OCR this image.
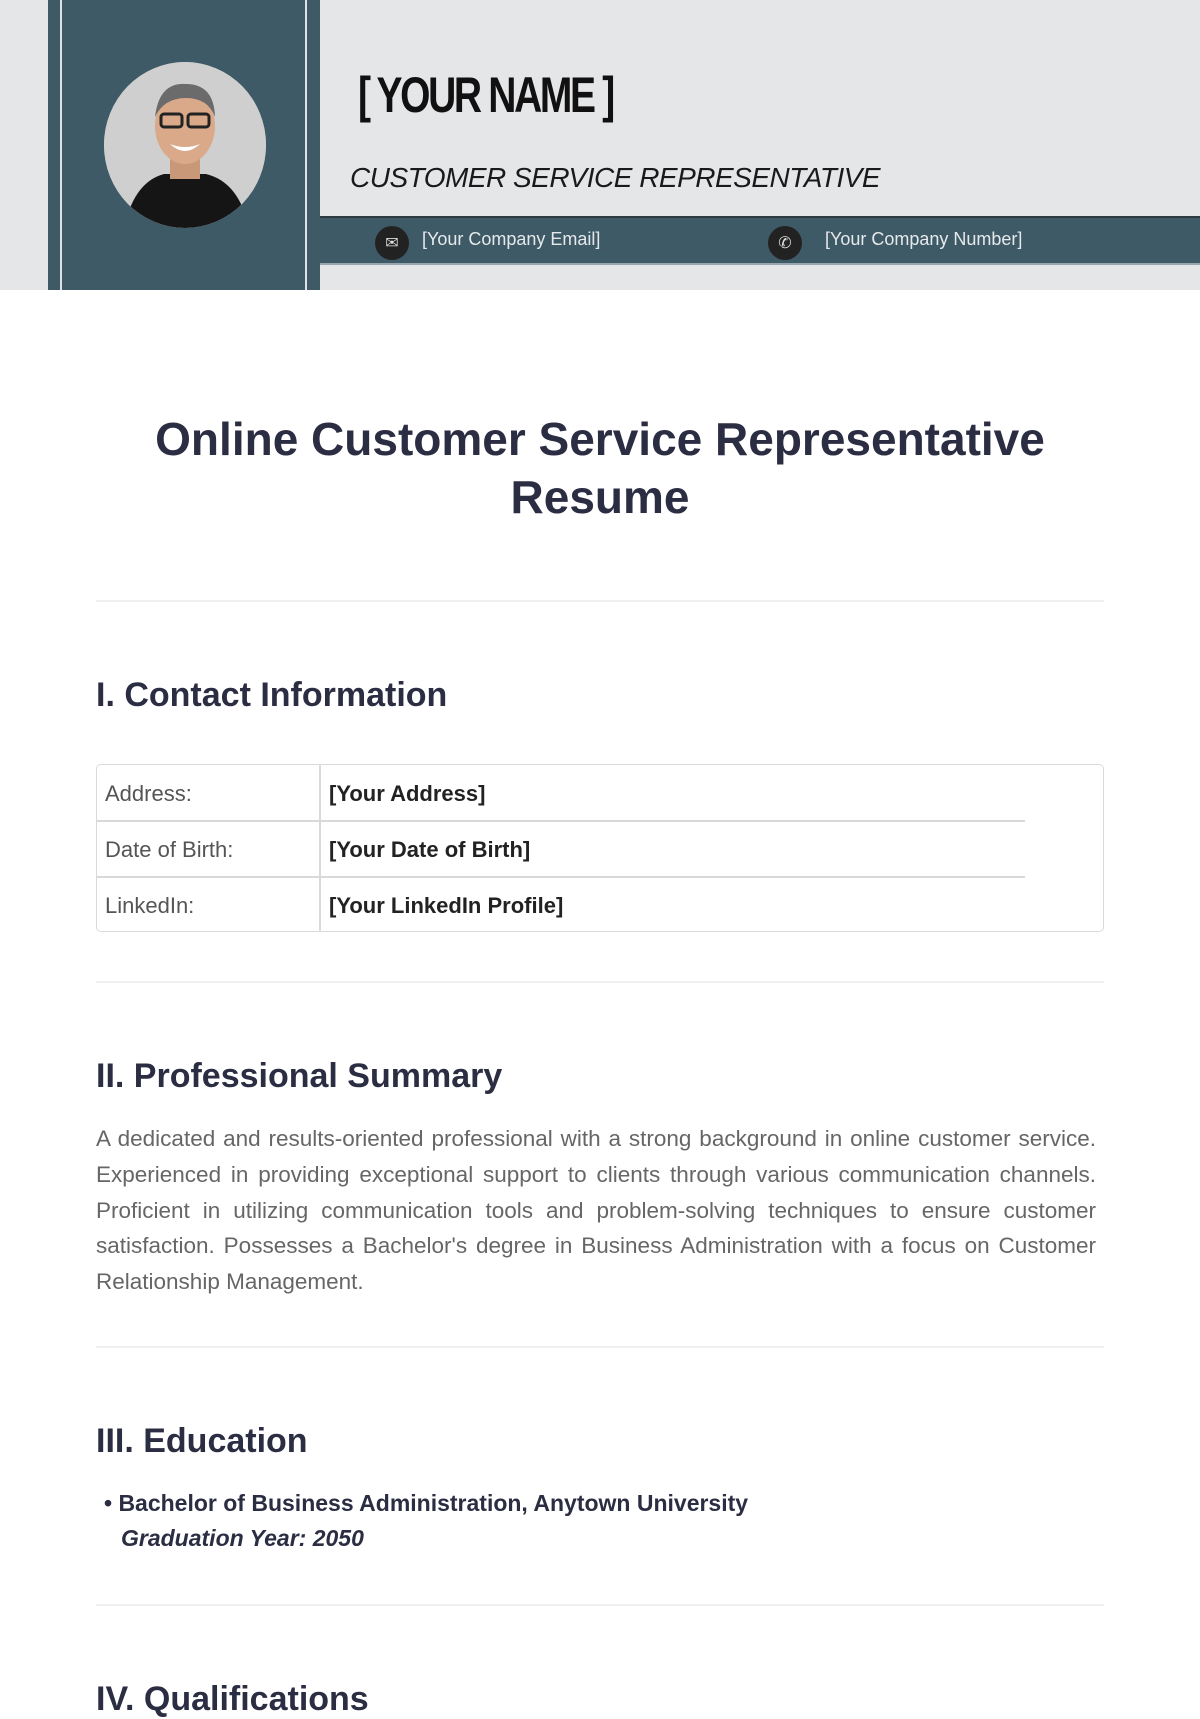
[ YOUR NAME ]
CUSTOMER SERVICE REPRESENTATIVE
✉	[Your Company Email]	✆	[Your Company Number]
Online Customer Service Representative Resume
I. Contact Information
Address:	[Your Address]
Date of Birth:	[Your Date of Birth]
LinkedIn:	[Your LinkedIn Profile]
II. Professional Summary
A dedicated and results-oriented professional with a strong background in online customer service. Experienced in providing exceptional support to clients through various communication channels. Proficient in utilizing communication tools and problem-solving techniques to ensure customer satisfaction. Possesses a Bachelor's degree in Business Administration with a focus on Customer Relationship Management.
III. Education
• Bachelor of Business Administration, Anytown University
Graduation Year: 2050
IV. Qualifications
